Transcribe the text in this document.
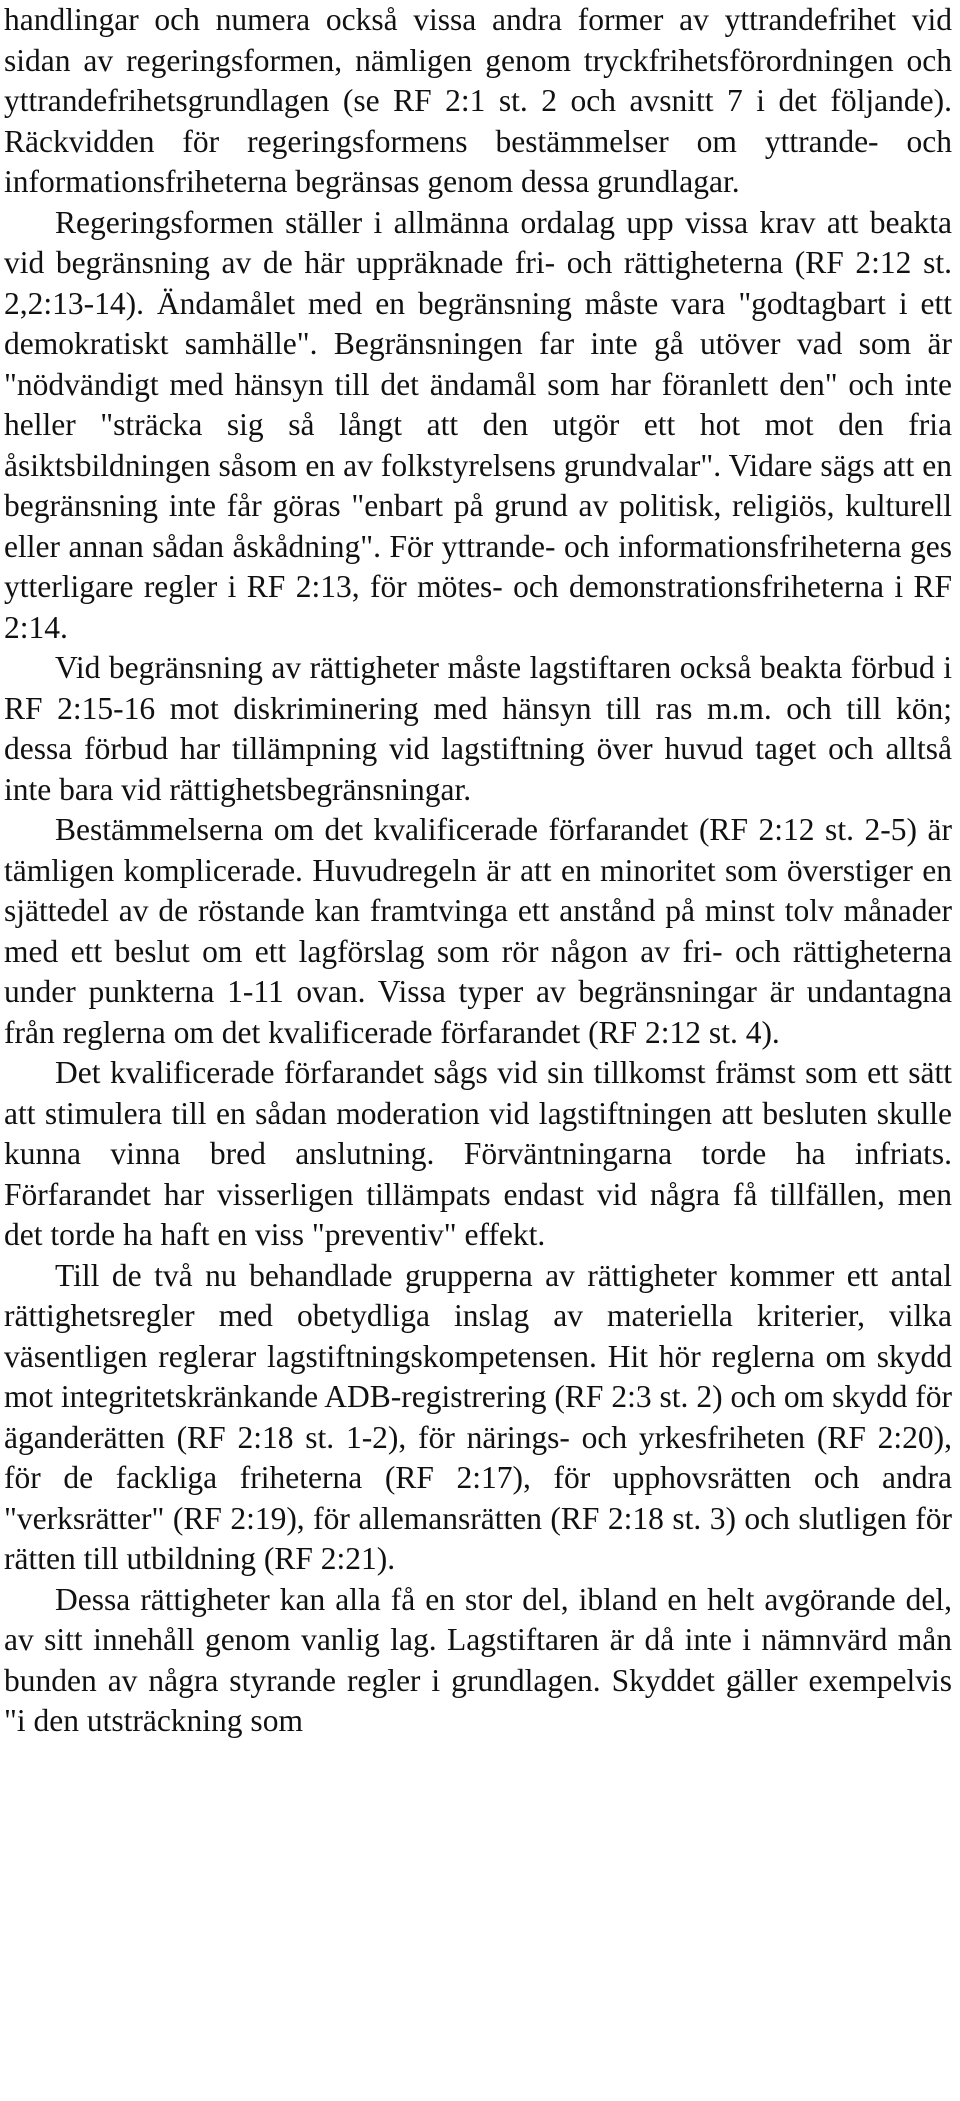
handlingar och numera också vissa andra former av yttrandefrihet vid sidan av regeringsformen, nämligen genom tryckfrihetsförordningen och yttrandefrihetsgrundlagen (se RF 2:1 st. 2 och avsnitt 7 i det följande). Räckvidden för regeringsformens bestämmelser om yttrande- och informationsfriheterna begränsas genom dessa grundlagar.

Regeringsformen ställer i allmänna ordalag upp vissa krav att beakta vid begränsning av de här uppräknade fri- och rättigheterna (RF 2:12 st. 2,2:13-14). Ändamålet med en begränsning måste vara "godtagbart i ett demokratiskt samhälle". Begränsningen far inte gå utöver vad som är "nödvändigt med hänsyn till det ändamål som har föranlett den" och inte heller "sträcka sig så långt att den utgör ett hot mot den fria åsiktsbildningen såsom en av folkstyrelsens grundvalar". Vidare sägs att en begränsning inte får göras "enbart på grund av politisk, religiös, kulturell eller annan sådan åskådning". För yttrande- och informationsfriheterna ges ytterligare regler i RF 2:13, för mötes- och demonstrationsfriheterna i RF 2:14.

Vid begränsning av rättigheter måste lagstiftaren också beakta förbud i RF 2:15-16 mot diskriminering med hänsyn till ras m.m. och till kön; dessa förbud har tillämpning vid lagstiftning över huvud taget och alltså inte bara vid rättighetsbegränsningar.

Bestämmelserna om det kvalificerade förfarandet (RF 2:12 st. 2-5) är tämligen komplicerade. Huvudregeln är att en minoritet som överstiger en sjättedel av de röstande kan framtvinga ett anstånd på minst tolv månader med ett beslut om ett lagförslag som rör någon av fri- och rättigheterna under punkterna 1-11 ovan. Vissa typer av begränsningar är undantagna från reglerna om det kvalificerade förfarandet (RF 2:12 st. 4).

Det kvalificerade förfarandet sågs vid sin tillkomst främst som ett sätt att stimulera till en sådan moderation vid lagstiftningen att besluten skulle kunna vinna bred anslutning. Förväntningarna torde ha infriats. Förfarandet har visserligen tillämpats endast vid några få tillfällen, men det torde ha haft en viss "preventiv" effekt.

Till de två nu behandlade grupperna av rättigheter kommer ett antal rättighetsregler med obetydliga inslag av materiella kriterier, vilka väsentligen reglerar lagstiftningskompetensen. Hit hör reglerna om skydd mot integritetskränkande ADB-registrering (RF 2:3 st. 2) och om skydd för äganderätten (RF 2:18 st. 1-2), för närings- och yrkesfriheten (RF 2:20), för de fackliga friheterna (RF 2:17), för upphovsrätten och andra "verksrätter" (RF 2:19), för allemansrätten (RF 2:18 st. 3) och slutligen för rätten till utbildning (RF 2:21).

Dessa rättigheter kan alla få en stor del, ibland en helt avgörande del, av sitt innehåll genom vanlig lag. Lagstiftaren är då inte i nämnvärd mån bunden av några styrande regler i grundlagen. Skyddet gäller exempelvis "i den utsträckning som
